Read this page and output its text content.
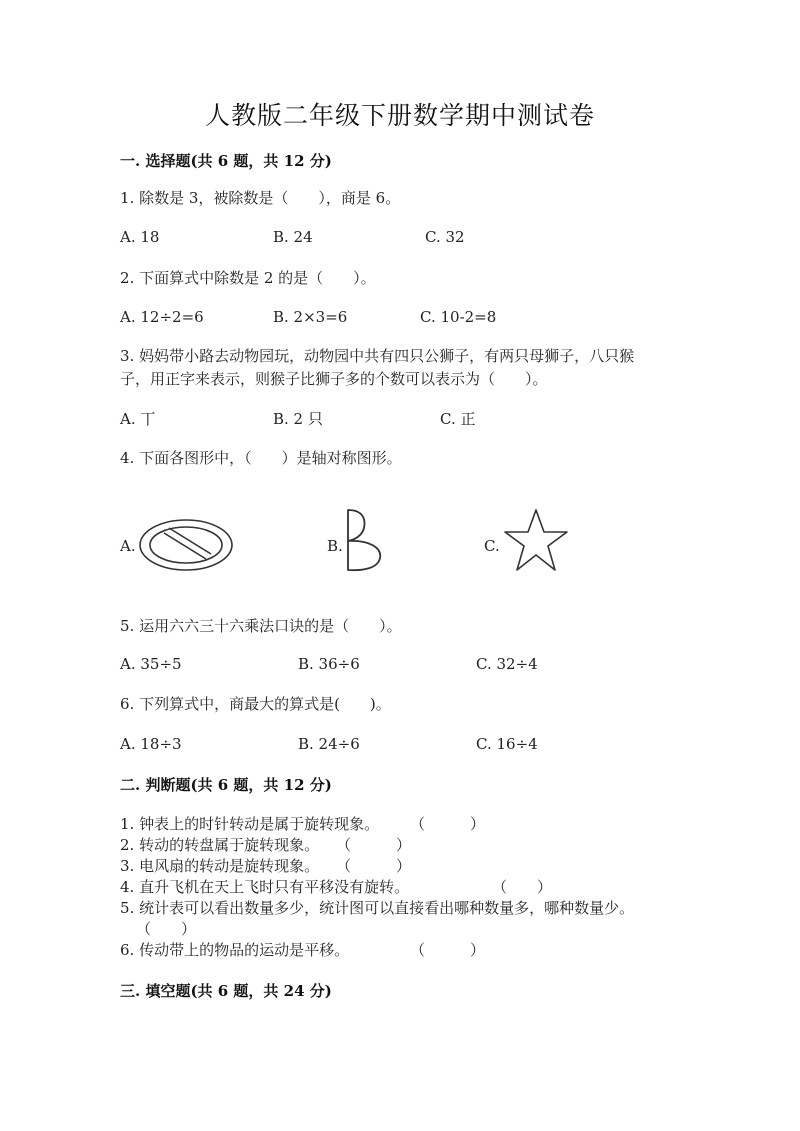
人教版二年级下册数学期中测试卷
一. 选择题(共 6 题，共 12 分)
1. 除数是 3，被除数是（　　），商是 6。
A. 18	B. 24	C. 32
2. 下面算式中除数是 2 的是（　　）。
A. 12÷2=6	B. 2×3=6	C. 10-2=8
3. 妈妈带小路去动物园玩，动物园中共有四只公狮子，有两只母狮子，八只猴
子，用正字来表示，则猴子比狮子多的个数可以表示为（　　）。
A. 丅	B. 2 只	C. 正
4. 下面各图形中，（　　）是轴对称图形。
A.	B.	C.
5. 运用六六三十六乘法口诀的是（　　）。
A. 35÷5	B. 36÷6	C. 32÷4
6. 下列算式中，商最大的算式是(　　)。
A. 18÷3	B. 24÷6	C. 16÷4
二. 判断题(共 6 题，共 12 分)
1. 钟表上的时针转动是属于旋转现象。 （　　　）
2. 转动的转盘属于旋转现象。 （　　　）
3. 电风扇的转动是旋转现象。 （　　　）
4. 直升飞机在天上飞时只有平移没有旋转。	（　　）
5. 统计表可以看出数量多少，统计图可以直接看出哪种数量多，哪种数量少。
（　　）
6. 传动带上的物品的运动是平移。	（　　　）
三. 填空题(共 6 题，共 24 分)
